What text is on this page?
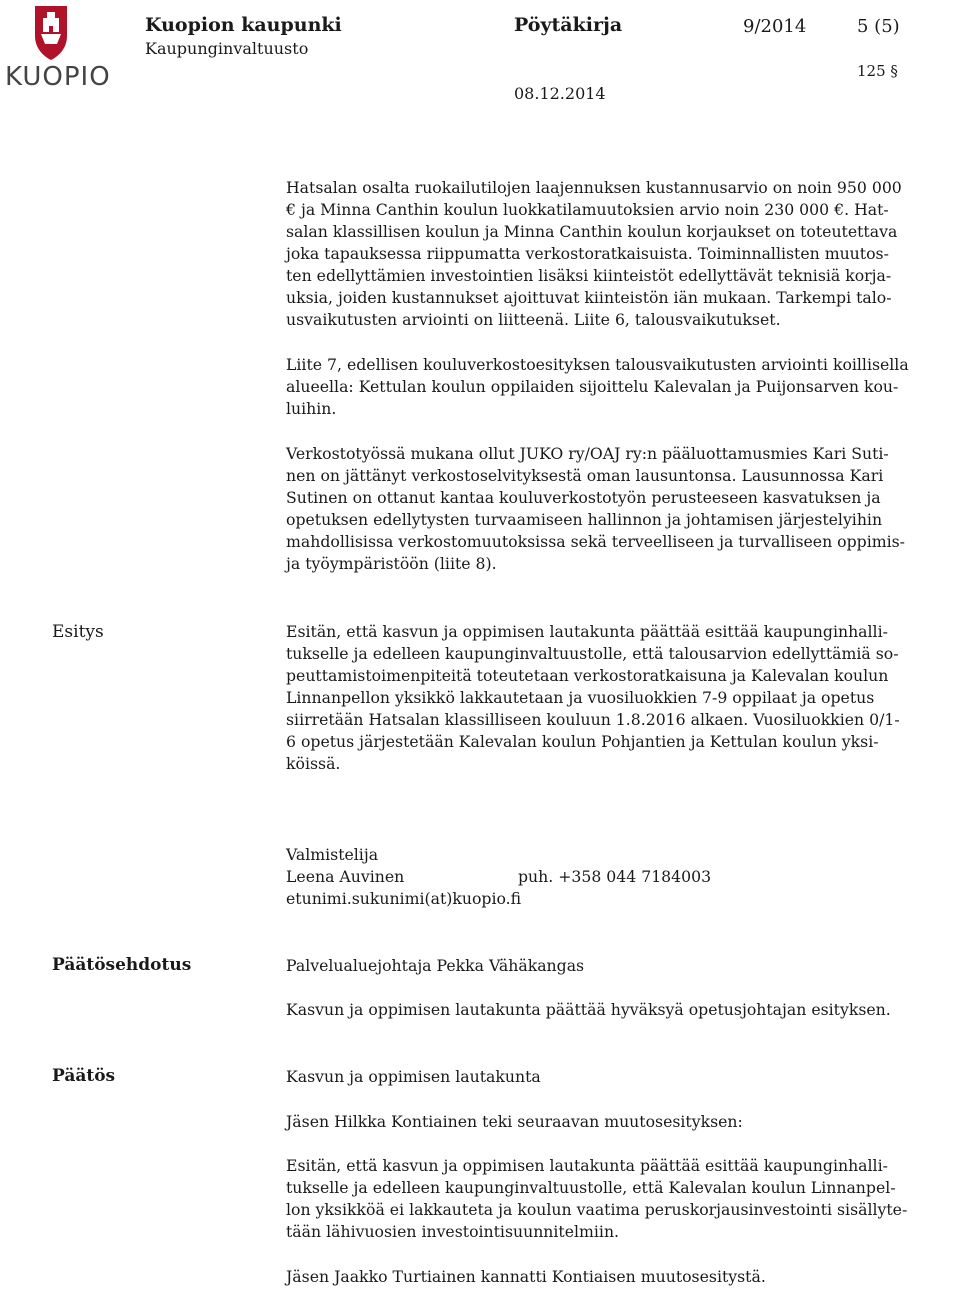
KUOPIO
Kuopion kaupunki
Kaupunginvaltuusto
Pöytäkirja	9/2014	5 (5)
125 §
08.12.2014
Hatsalan osalta ruokailutilojen laajennuksen kustannusarvio on noin 950 000
€ ja Minna Canthin koulun luokkatilamuutoksien arvio noin 230 000 €. Hat-
salan klassillisen koulun ja Minna Canthin koulun korjaukset on toteutettava
joka tapauksessa riippumatta verkostoratkaisuista. Toiminnallisten muutos-
ten edellyttämien investointien lisäksi kiinteistöt edellyttävät teknisiä korja-
uksia, joiden kustannukset ajoittuvat kiinteistön iän mukaan. Tarkempi talo-
usvaikutusten arviointi on liitteenä. Liite 6, talousvaikutukset.
Liite 7, edellisen kouluverkostoesityksen talousvaikutusten arviointi koillisella
alueella: Kettulan koulun oppilaiden sijoittelu Kalevalan ja Puijonsarven kou-
luihin.
Verkostotyössä mukana ollut JUKO ry/OAJ ry:n pääluottamusmies Kari Suti-
nen on jättänyt verkostoselvityksestä oman lausuntonsa. Lausunnossa Kari
Sutinen on ottanut kantaa kouluverkostotyön perusteeseen kasvatuksen ja
opetuksen edellytysten turvaamiseen hallinnon ja johtamisen järjestelyihin
mahdollisissa verkostomuutoksissa sekä terveelliseen ja turvalliseen oppimis-
ja työympäristöön (liite 8).
Esitys	Esitän, että kasvun ja oppimisen lautakunta päättää esittää kaupunginhalli-
tukselle ja edelleen kaupunginvaltuustolle, että talousarvion edellyttämiä so-
peuttamistoimenpiteitä toteutetaan verkostoratkaisuna ja Kalevalan koulun
Linnanpellon yksikkö lakkautetaan ja vuosiluokkien 7-9 oppilaat ja opetus
siirretään Hatsalan klassilliseen kouluun 1.8.2016 alkaen. Vuosiluokkien 0/1-
6 opetus järjestetään Kalevalan koulun Pohjantien ja Kettulan koulun yksi-
köissä.
Valmistelija
Leena Auvinen	puh. +358 044 7184003
etunimi.sukunimi(at)kuopio.fi
Päätösehdotus	Palvelualuejohtaja Pekka Vähäkangas
Kasvun ja oppimisen lautakunta päättää hyväksyä opetusjohtajan esityksen.
Päätös	Kasvun ja oppimisen lautakunta
Jäsen Hilkka Kontiainen teki seuraavan muutosesityksen:
Esitän, että kasvun ja oppimisen lautakunta päättää esittää kaupunginhalli-
tukselle ja edelleen kaupunginvaltuustolle, että Kalevalan koulun Linnanpel-
lon yksikköä ei lakkauteta ja koulun vaatima peruskorjausinvestointi sisällyte-
tään lähivuosien investointisuunnitelmiin.
Jäsen Jaakko Turtiainen kannatti Kontiaisen muutosesitystä.
